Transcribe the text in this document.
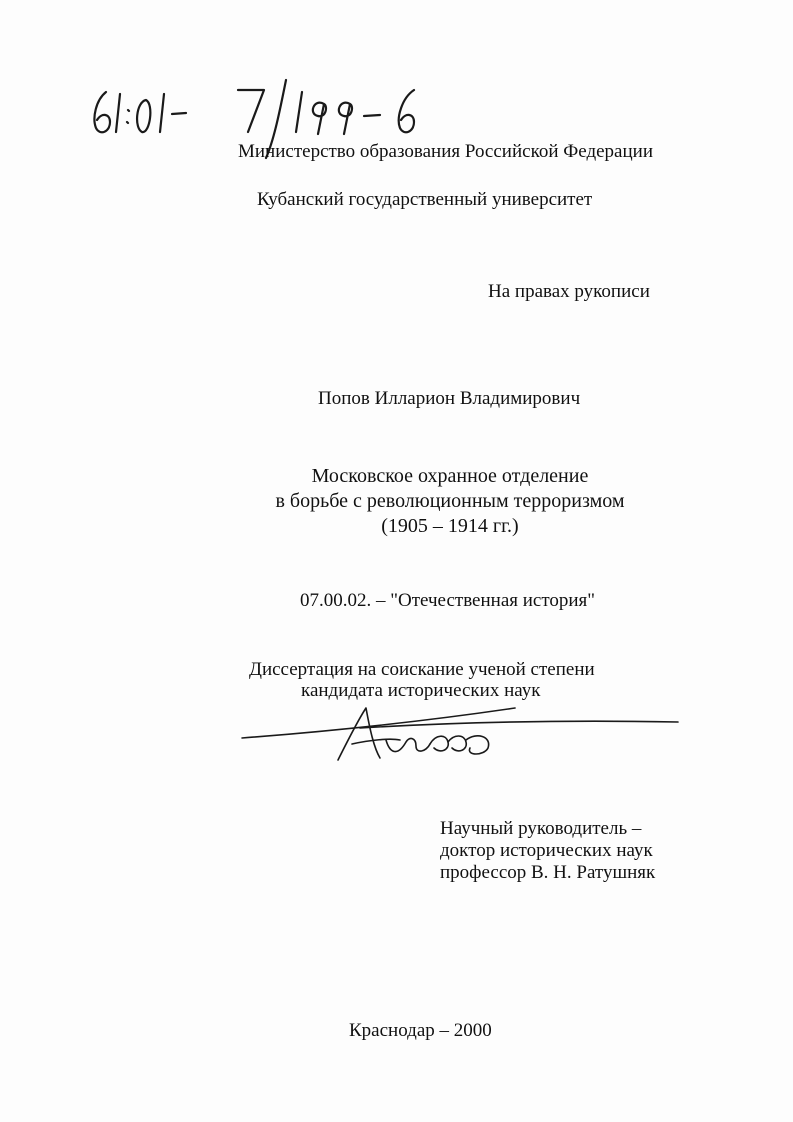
Министерство образования Российской Федерации
Кубанский государственный университет
На правах рукописи
Попов Илларион Владимирович
Московское охранное отделение
в борьбе с революционным терроризмом
(1905 – 1914 гг.)
07.00.02. – "Отечественная история"
Диссертация на соискание ученой степени
кандидата исторических наук
Научный руководитель –
доктор исторических наук
профессор В. Н. Ратушняк
Краснодар – 2000
